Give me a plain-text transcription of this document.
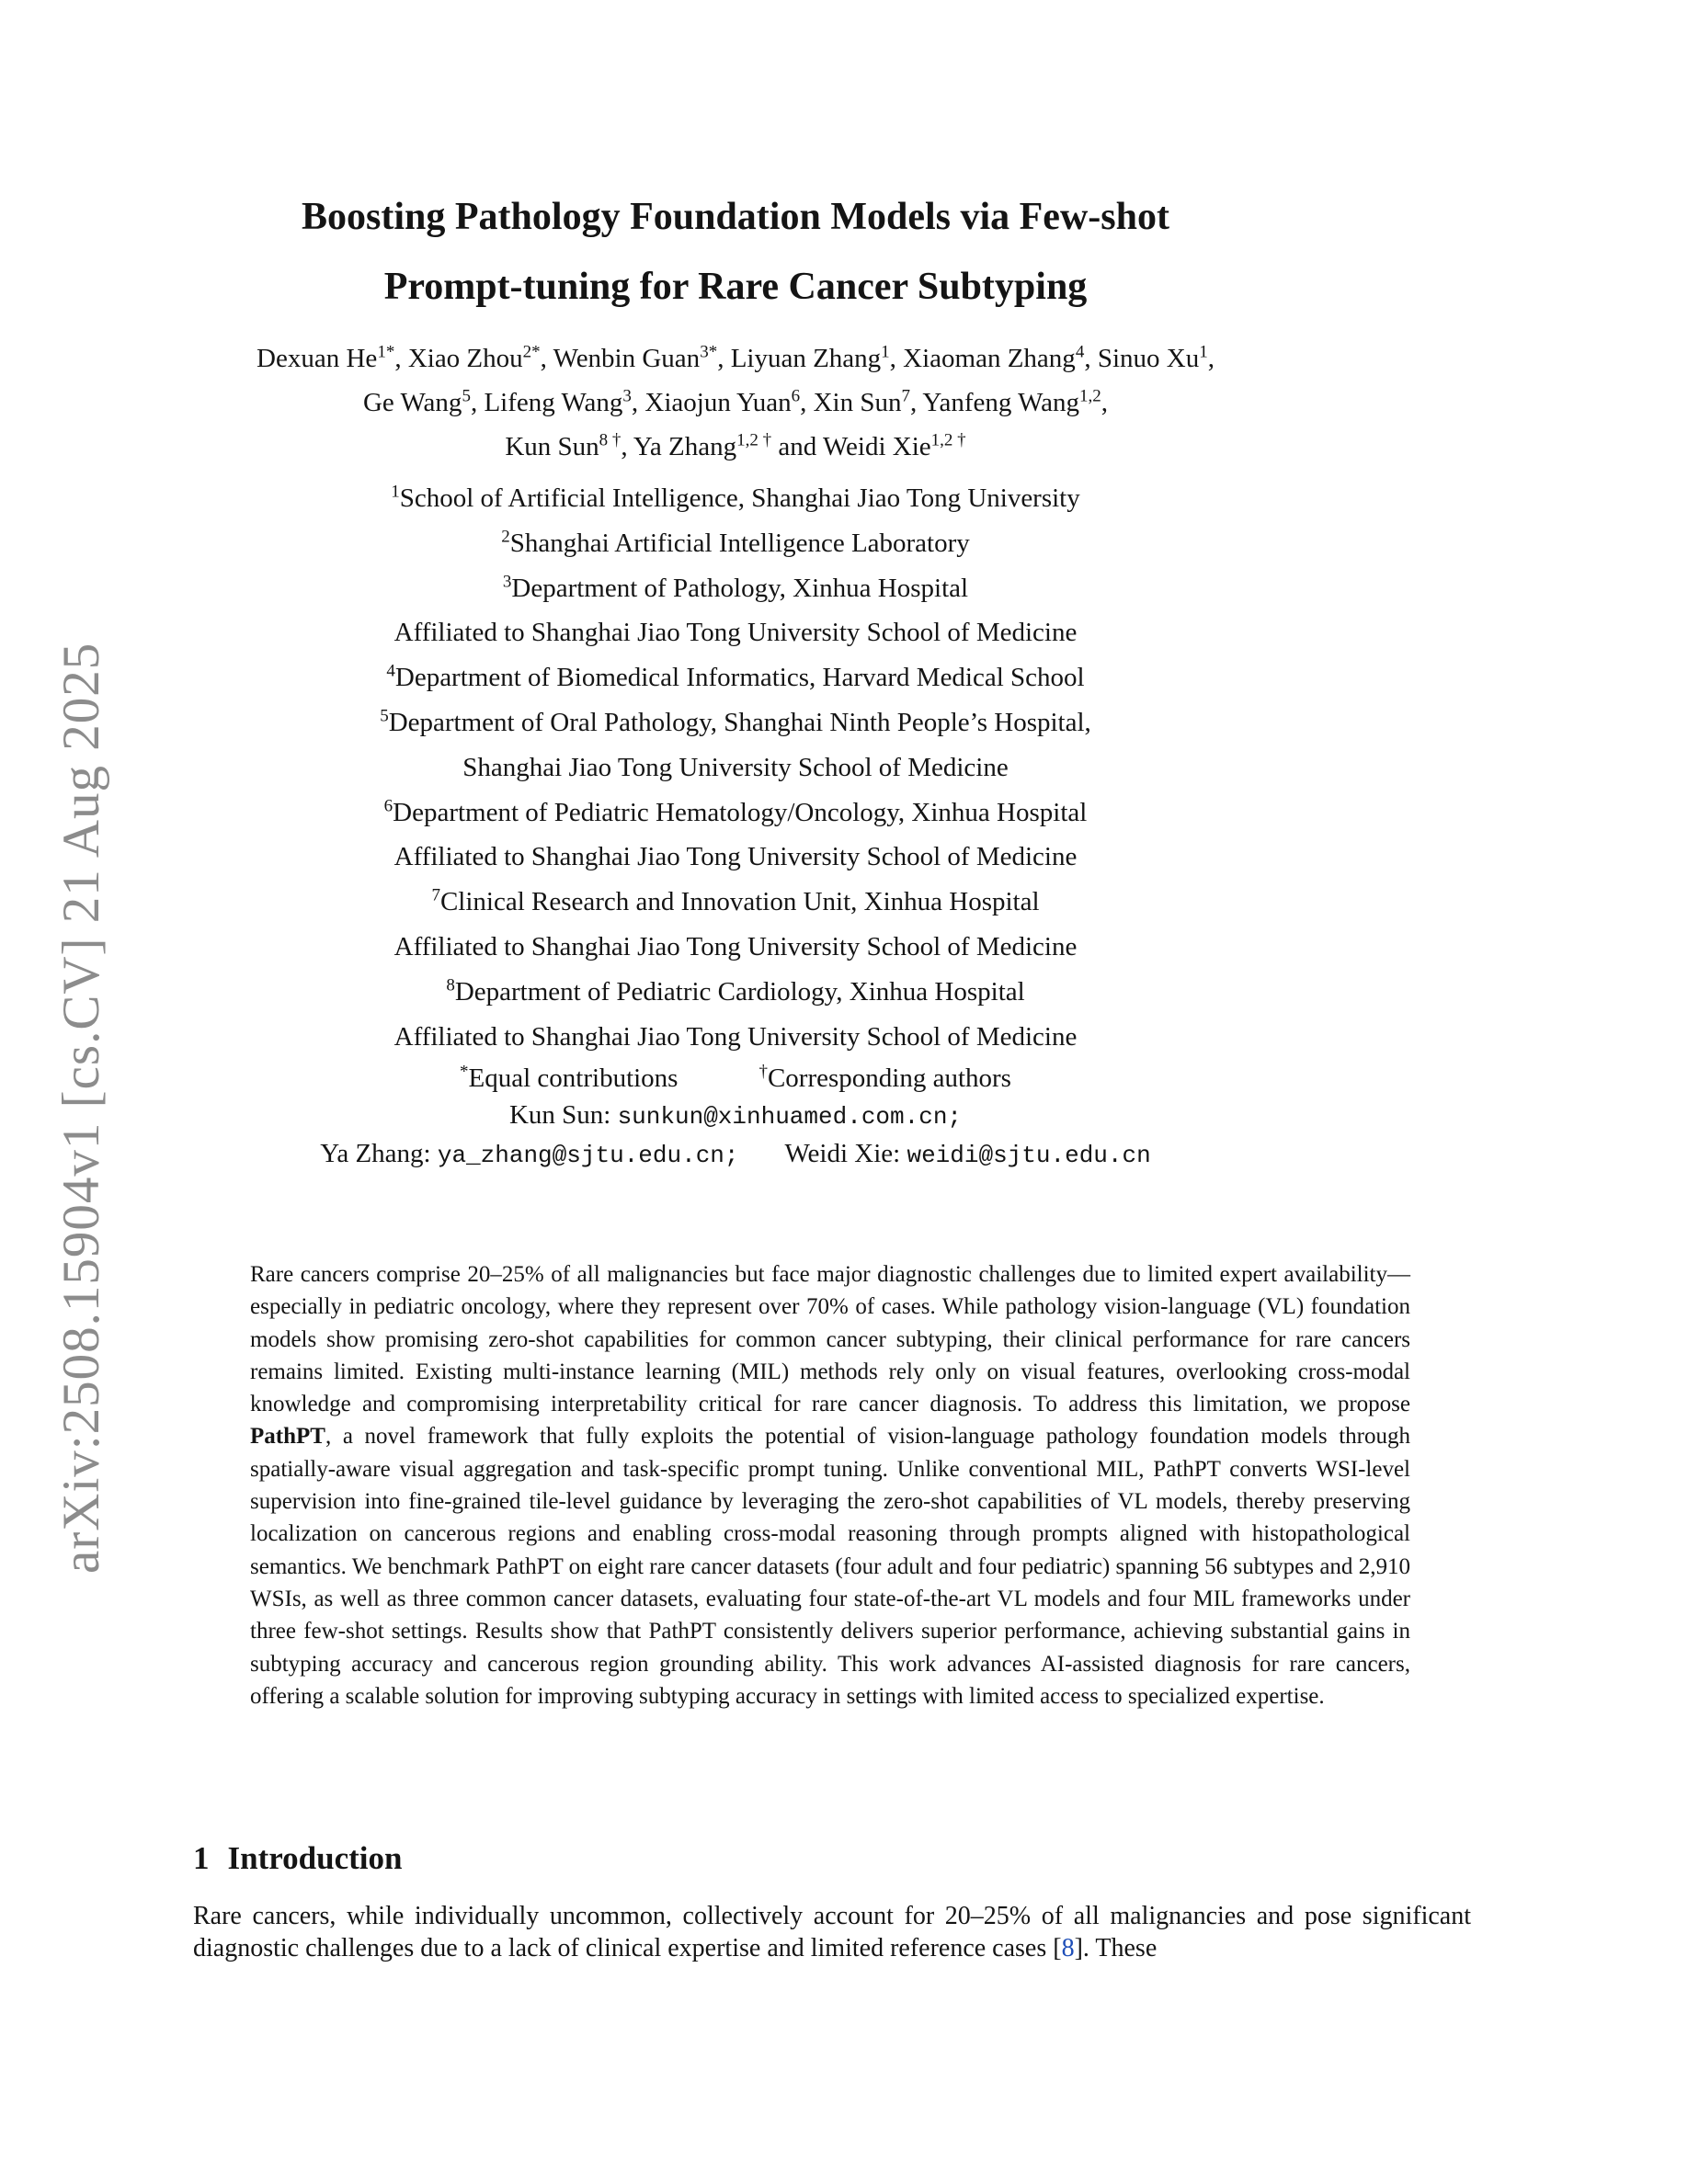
arXiv:2508.15904v1 [cs.CV] 21 Aug 2025
Boosting Pathology Foundation Models via Few-shot
Prompt-tuning for Rare Cancer Subtyping
Dexuan $He^{1*}$, Xiao Zhou$^{2*}$, Wenbin Guan$^{3*}$, Liyuan Zhang$^1$, Xiaoman Zhang$^4$, Sinuo Xu$^1$,
Ge Wang$^5$, Lifeng Wang$^3$, Xiaojun Yuan$^6$, Xin Sun$^7$, Yanfeng Wang$^{1,2}$,
Kun Sun$^{8 \dagger}$, Ya Zhang$^{1,2 \dagger}$ and Weidi Xie$^{1,2 \dagger}$
$^1$School of Artificial Intelligence, Shanghai Jiao Tong University
$^2$Shanghai Artificial Intelligence Laboratory
$^3$Department of Pathology, Xinhua Hospital
Affiliated to Shanghai Jiao Tong University School of Medicine
$^4$Department of Biomedical Informatics, Harvard Medical School
$^5$Department of Oral Pathology, Shanghai Ninth People’s Hospital,
Shanghai Jiao Tong University School of Medicine
$^6$Department of Pediatric Hematology/Oncology, Xinhua Hospital
Affiliated to Shanghai Jiao Tong University School of Medicine
$^7$Clinical Research and Innovation Unit, Xinhua Hospital
Affiliated to Shanghai Jiao Tong University School of Medicine
$^8$Department of Pediatric Cardiology, Xinhua Hospital
Affiliated to Shanghai Jiao Tong University School of Medicine
*Equal contributions	†Corresponding authors
Kun Sun: sunkun@xinhuamed.com.cn;
Ya Zhang: ya_zhang@sjtu.edu.cn; Weidi Xie: weidi@sjtu.edu.cn

Rare cancers comprise 20–25% of all malignancies but face major diagnostic challenges due to limited expert availability—especially in pediatric oncology, where they represent over 70% of cases. While pathology vision-language (VL) foundation models show promising zero-shot capabilities for common cancer subtyping, their clinical performance for rare cancers remains limited. Existing multi-instance learning (MIL) methods rely only on visual features, overlooking cross-modal knowledge and compromising interpretability critical for rare cancer diagnosis. To address this limitation, we propose PathPT, a novel framework that fully exploits the potential of vision-language pathology foundation models through spatially-aware visual aggregation and task-specific prompt tuning. Unlike conventional MIL, PathPT converts WSI-level supervision into fine-grained tile-level guidance by leveraging the zero-shot capabilities of VL models, thereby preserving localization on cancerous regions and enabling cross-modal reasoning through prompts aligned with histopathological semantics. We benchmark PathPT on eight rare cancer datasets (four adult and four pediatric) spanning 56 subtypes and 2,910 WSIs, as well as three common cancer datasets, evaluating four state-of-the-art VL models and four MIL frameworks under three few-shot settings. Results show that PathPT consistently delivers superior performance, achieving substantial gains in subtyping accuracy and cancerous region grounding ability. This work advances AI-assisted diagnosis for rare cancers, offering a scalable solution for improving subtyping accuracy in settings with limited access to specialized expertise.

1 Introduction

Rare cancers, while individually uncommon, collectively account for 20–25% of all malignancies and pose significant diagnostic challenges due to a lack of clinical expertise and limited reference cases [8]. These
